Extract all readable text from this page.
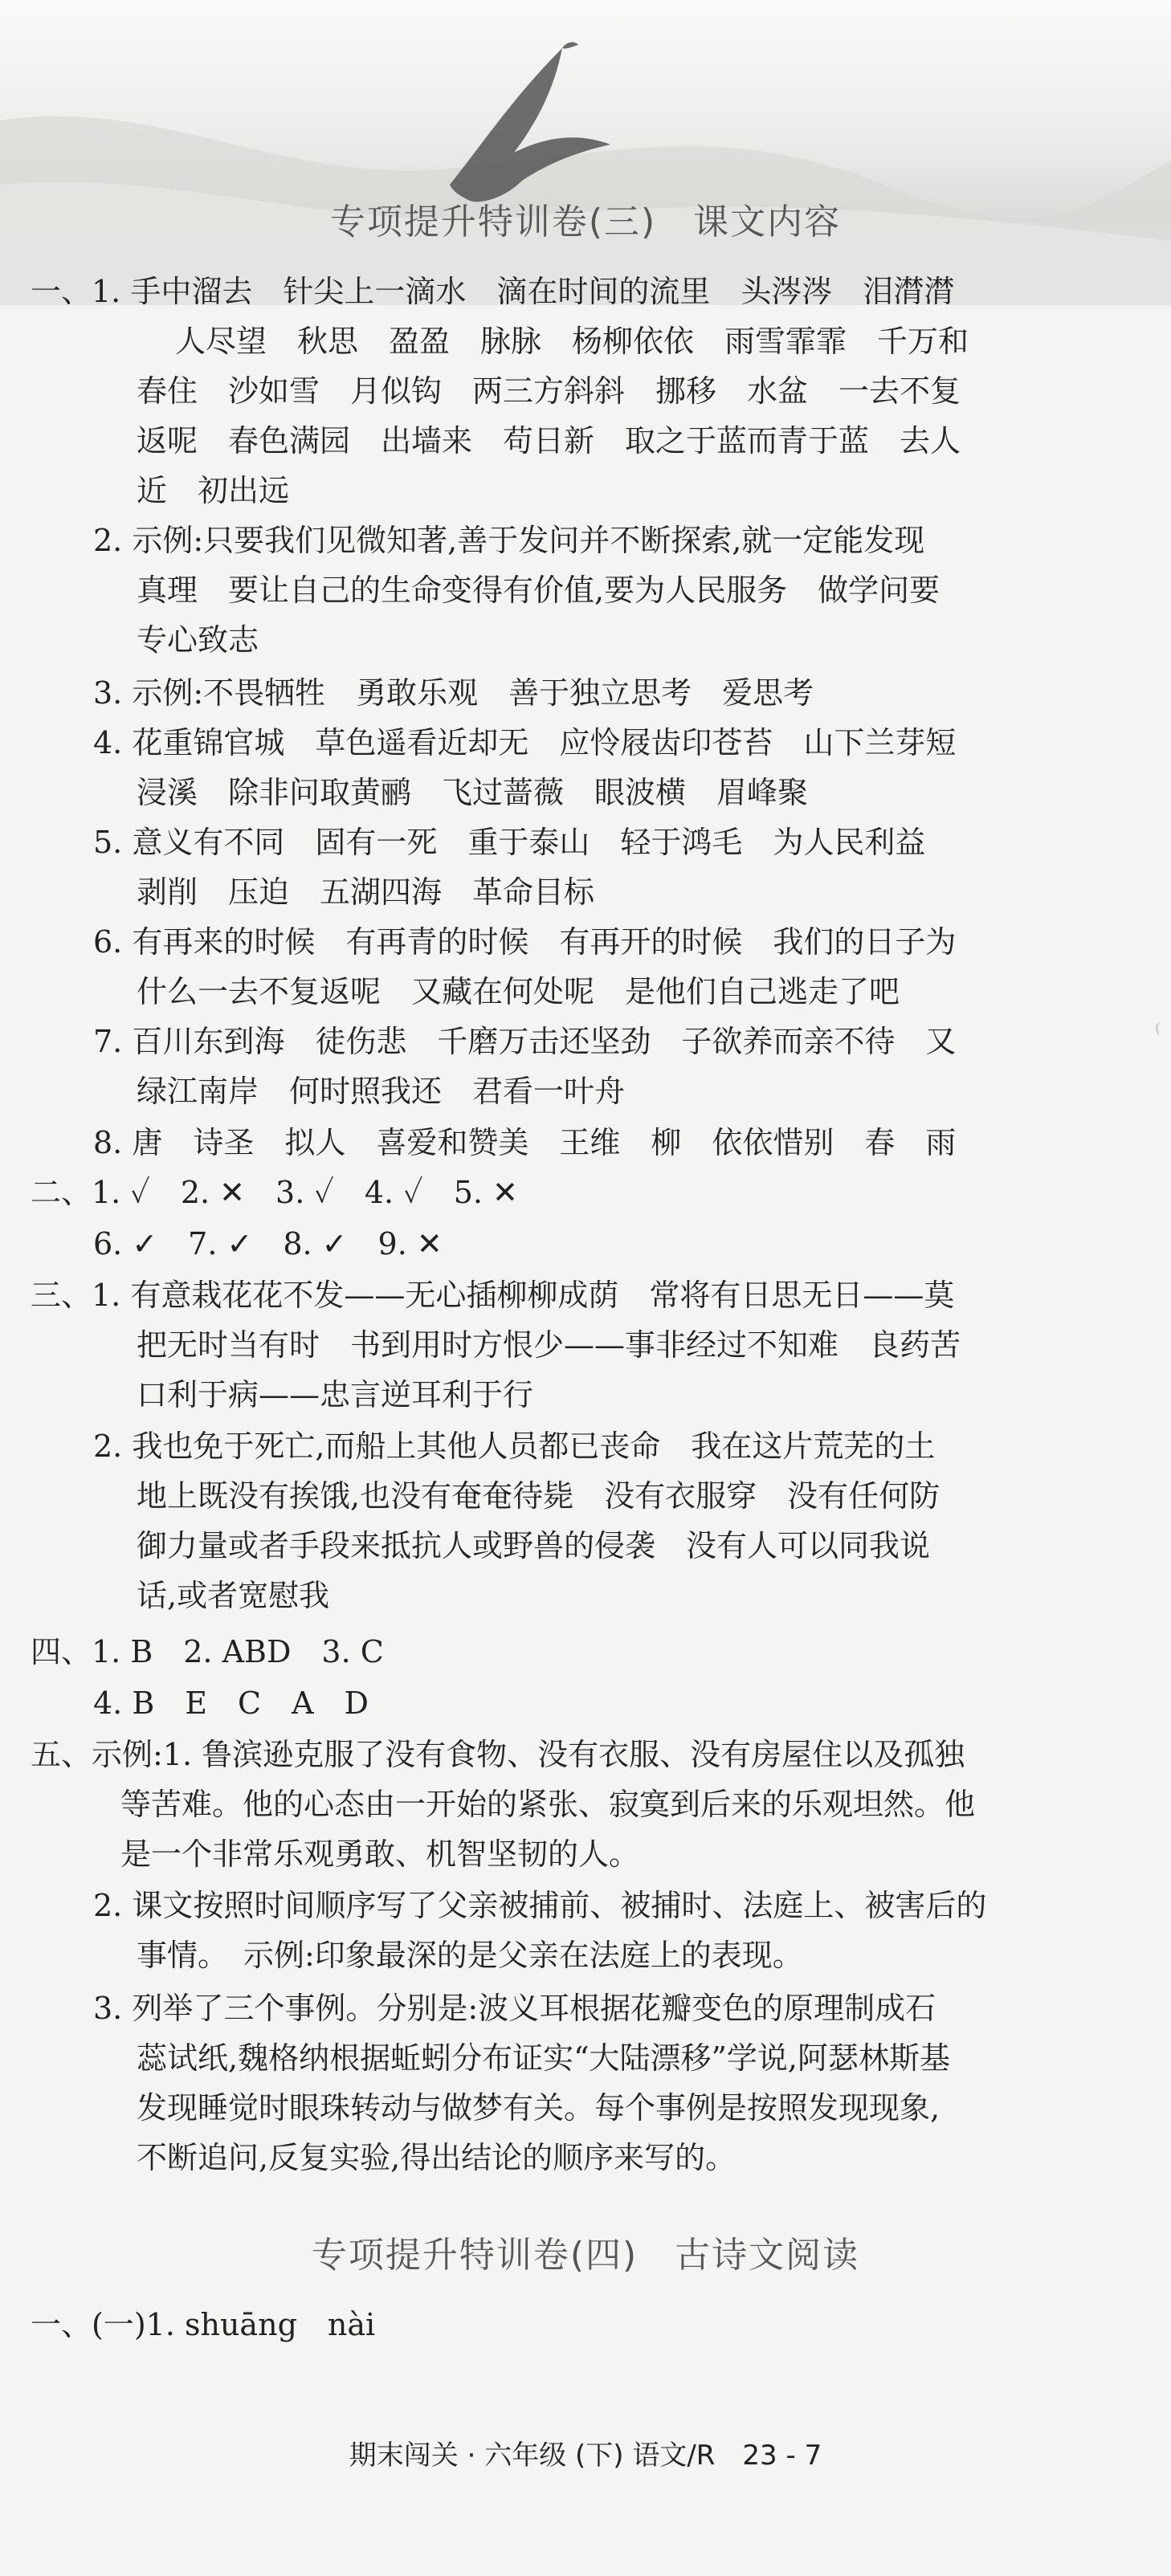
专项提升特训卷(三)　课文内容
一、1. 手中溜去　针尖上一滴水　滴在时间的流里　头涔涔　泪潸潸
人尽望　秋思　盈盈　脉脉　杨柳依依　雨雪霏霏　千万和
春住　沙如雪　月似钩　两三方斜斜　挪移　水盆　一去不复
返呢　春色满园　出墙来　苟日新　取之于蓝而青于蓝　去人
近　初出远
2. 示例:只要我们见微知著,善于发问并不断探索,就一定能发现
真理　要让自己的生命变得有价值,要为人民服务　做学问要
专心致志
3. 示例:不畏牺牲　勇敢乐观　善于独立思考　爱思考
4. 花重锦官城　草色遥看近却无　应怜屐齿印苍苔　山下兰芽短
浸溪　除非问取黄鹂　飞过蔷薇　眼波横　眉峰聚
5. 意义有不同　固有一死　重于泰山　轻于鸿毛　为人民利益
剥削　压迫　五湖四海　革命目标
6. 有再来的时候　有再青的时候　有再开的时候　我们的日子为
什么一去不复返呢　又藏在何处呢　是他们自己逃走了吧
7. 百川东到海　徒伤悲　千磨万击还坚劲　子欲养而亲不待　又
绿江南岸　何时照我还　君看一叶舟
8. 唐　诗圣　拟人　喜爱和赞美　王维　柳　依依惜别　春　雨
二、1. ✓　2. ✕　3. ✓　4. ✓　5. ✕
6. ✓　7. ✓　8. ✓　9. ✕
三、1. 有意栽花花不发——无心插柳柳成荫　常将有日思无日——莫
把无时当有时　书到用时方恨少——事非经过不知难　良药苦
口利于病——忠言逆耳利于行
2. 我也免于死亡,而船上其他人员都已丧命　我在这片荒芜的土
地上既没有挨饿,也没有奄奄待毙　没有衣服穿　没有任何防
御力量或者手段来抵抗人或野兽的侵袭　没有人可以同我说
话,或者宽慰我
四、1. B　2. ABD　3. C
4. B　E　C　A　D
五、示例:1. 鲁滨逊克服了没有食物、没有衣服、没有房屋住以及孤独
等苦难。他的心态由一开始的紧张、寂寞到后来的乐观坦然。他
是一个非常乐观勇敢、机智坚韧的人。
2. 课文按照时间顺序写了父亲被捕前、被捕时、法庭上、被害后的
事情。　示例:印象最深的是父亲在法庭上的表现。
3. 列举了三个事例。分别是:波义耳根据花瓣变色的原理制成石
蕊试纸,魏格纳根据蚯蚓分布证实“大陆漂移”学说,阿瑟林斯基
发现睡觉时眼珠转动与做梦有关。每个事例是按照发现现象,
不断追问,反复实验,得出结论的顺序来写的。
一、(一)1. shuāng　nài
专项提升特训卷(四)　古诗文阅读
期末闯关 · 六年级 (下) 语文/R　23 - 7
(
